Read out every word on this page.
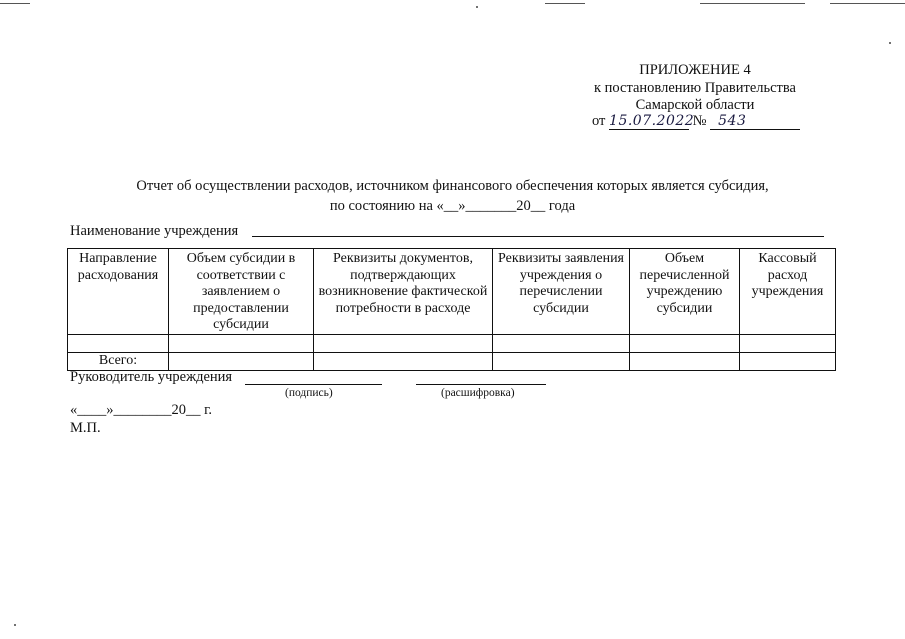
ПРИЛОЖЕНИЕ 4
к постановлению Правительства
Самарской области
от 15.07.2022 № 543
Отчет об осуществлении расходов, источником финансового обеспечения которых является субсидия,
по состоянию на «__»_______20__ года
Наименование учреждения
Направление расходования	Объем субсидии в соответствии с заявлением о предоставлении субсидии	Реквизиты документов, подтверждающих возникновение фактической потребности в расходе	Реквизиты заявления учреждения о перечислении субсидии	Объем перечисленной учреждению субсидии	Кассовый расход учреждения

Всего:					
Руководитель учреждения
(подпись)	(расшифровка)
«____»________20__ г.
М.П.
